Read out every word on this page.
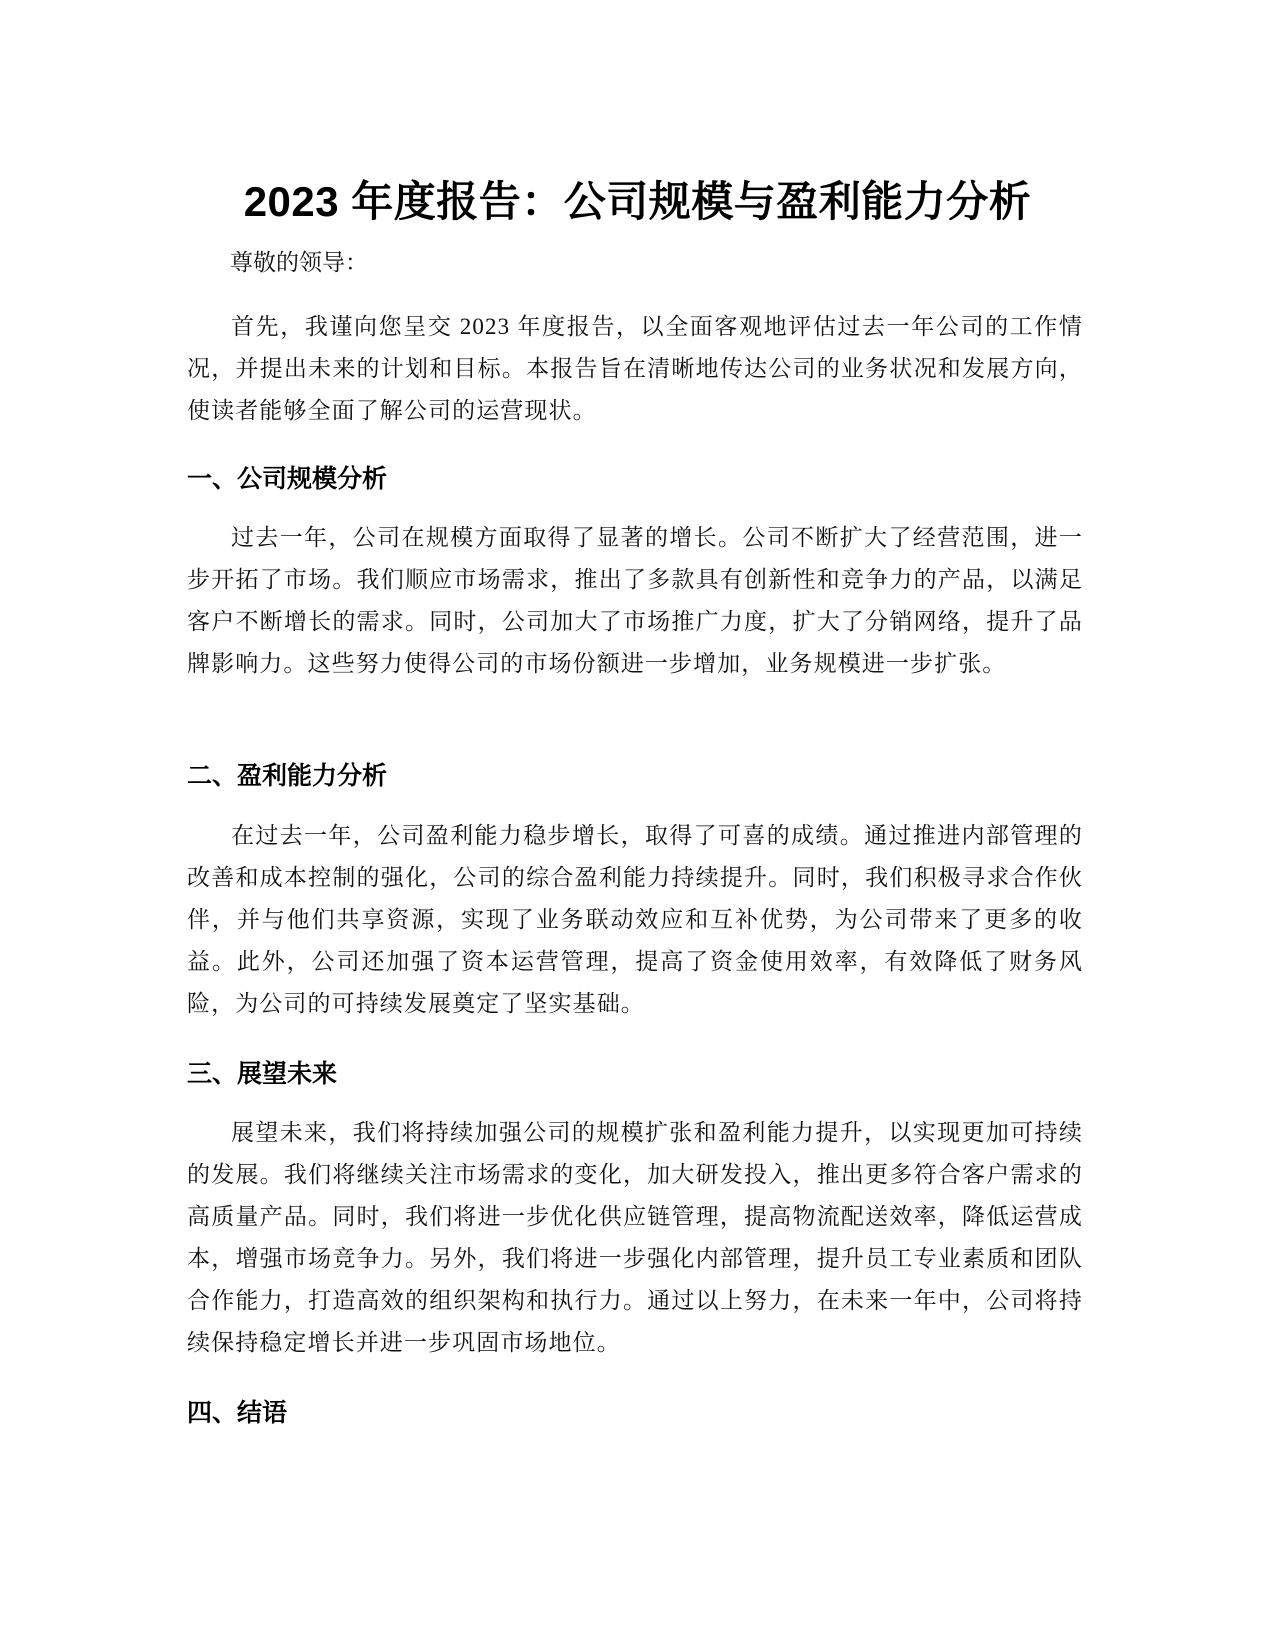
2023 年度报告：公司规模与盈利能力分析
尊敬的领导：

首先，我谨向您呈交 2023 年度报告，以全面客观地评估过去一年公司的工作情况，并提出未来的计划和目标。本报告旨在清晰地传达公司的业务状况和发展方向，使读者能够全面了解公司的运营现状。

一、公司规模分析

过去一年，公司在规模方面取得了显著的增长。公司不断扩大了经营范围，进一步开拓了市场。我们顺应市场需求，推出了多款具有创新性和竞争力的产品，以满足客户不断增长的需求。同时，公司加大了市场推广力度，扩大了分销网络，提升了品牌影响力。这些努力使得公司的市场份额进一步增加，业务规模进一步扩张。

二、盈利能力分析

在过去一年，公司盈利能力稳步增长，取得了可喜的成绩。通过推进内部管理的改善和成本控制的强化，公司的综合盈利能力持续提升。同时，我们积极寻求合作伙伴，并与他们共享资源，实现了业务联动效应和互补优势，为公司带来了更多的收益。此外，公司还加强了资本运营管理，提高了资金使用效率，有效降低了财务风险，为公司的可持续发展奠定了坚实基础。

三、展望未来

展望未来，我们将持续加强公司的规模扩张和盈利能力提升，以实现更加可持续的发展。我们将继续关注市场需求的变化，加大研发投入，推出更多符合客户需求的高质量产品。同时，我们将进一步优化供应链管理，提高物流配送效率，降低运营成本，增强市场竞争力。另外，我们将进一步强化内部管理，提升员工专业素质和团队合作能力，打造高效的组织架构和执行力。通过以上努力，在未来一年中，公司将持续保持稳定增长并进一步巩固市场地位。

四、结语
